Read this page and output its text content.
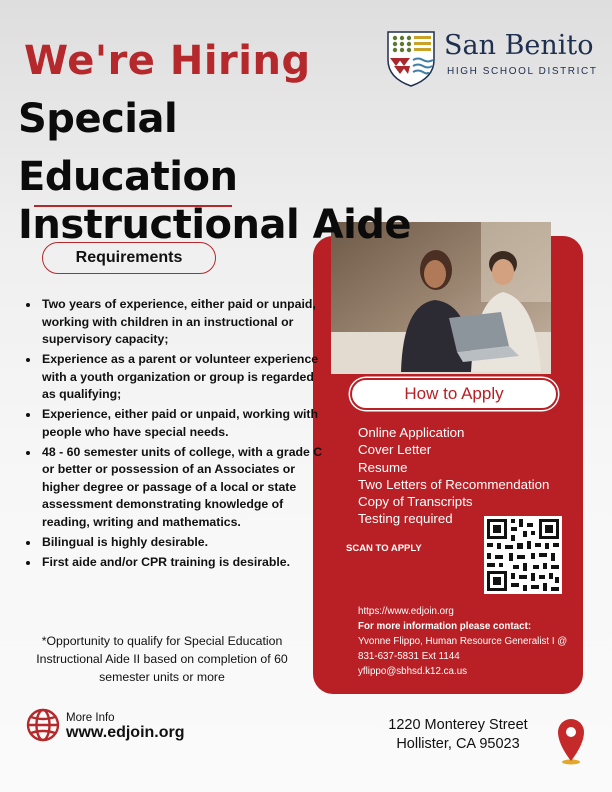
We're Hiring	San Benito
HIGH SCHOOL DISTRICT
Special
Education
Instructional Aide
Requirements
• Two years of experience, either paid or unpaid, working with children in an instructional or supervisory capacity;
• Experience as a parent or volunteer experience with a youth organization or group is regarded as qualifying;
• Experience, either paid or unpaid, working with people who have special needs.
• 48 - 60 semester units of college, with a grade C or better or possession of an Associates or higher degree or passage of a local or state assessment demonstrating knowledge of reading, writing and mathematics.
• Bilingual is highly desirable.
• First aide and/or CPR training is desirable.
*Opportunity to qualify for Special Education Instructional Aide II based on completion of 60 semester units or more
How to Apply
Online Application
Cover Letter
Resume
Two Letters of Recommendation
Copy of Transcripts
Testing required
SCAN TO APPLY
https://www.edjoin.org
For more information please contact:
Yvonne Flippo, Human Resource Generalist I @ 831-637-5831 Ext 1144
yflippo@sbhsd.k12.ca.us
More Info
www.edjoin.org	1220 Monterey Street
Hollister, CA 95023
